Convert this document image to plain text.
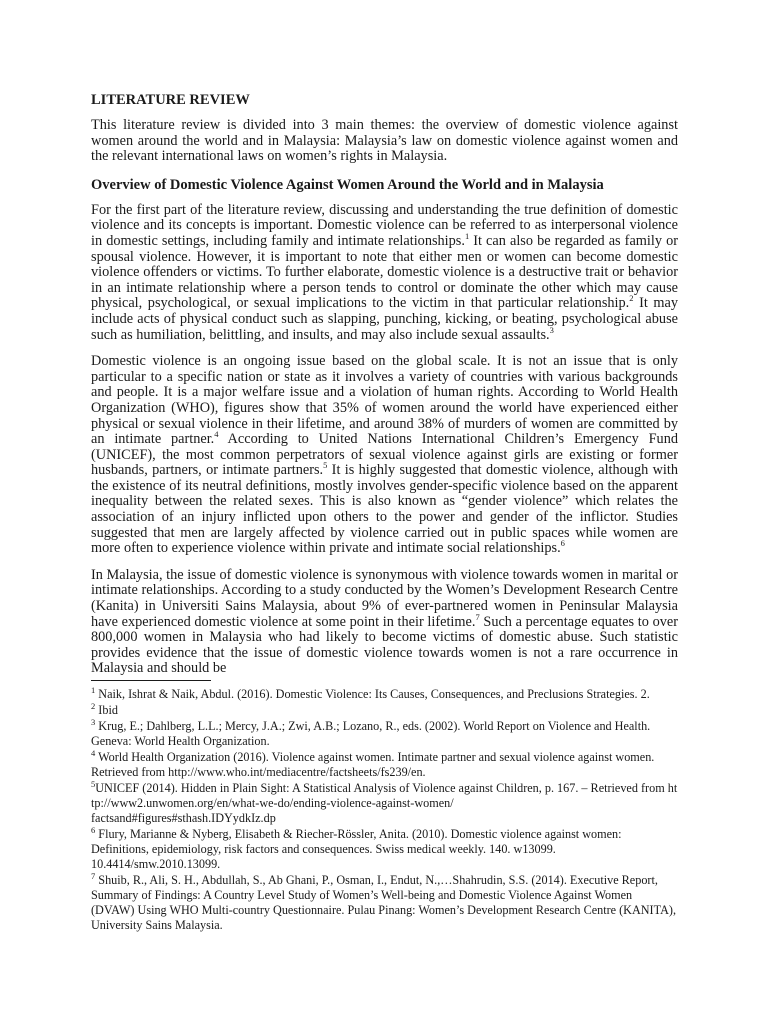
LITERATURE REVIEW

This literature review is divided into 3 main themes: the overview of domestic violence against women around the world and in Malaysia: Malaysia’s law on domestic violence against women and the relevant international laws on women’s rights in Malaysia.

Overview of Domestic Violence Against Women Around the World and in Malaysia

For the first part of the literature review, discussing and understanding the true definition of domestic violence and its concepts is important. Domestic violence can be referred to as interpersonal violence in domestic settings, including family and intimate relationships.$^1$ It can also be regarded as family or spousal violence. However, it is important to note that either men or women can become domestic violence offenders or victims. To further elaborate, domestic violence is a destructive trait or behavior in an intimate relationship where a person tends to control or dominate the other which may cause physical, psychological, or sexual implications to the victim in that particular relationship.$^2$ It may include acts of physical conduct such as slapping, punching, kicking, or beating, psychological abuse such as humiliation, belittling, and insults, and may also include sexual assaults.$^3$

Domestic violence is an ongoing issue based on the global scale. It is not an issue that is only particular to a specific nation or state as it involves a variety of countries with various backgrounds and people. It is a major welfare issue and a violation of human rights. According to World Health Organization (WHO), figures show that 35% of women around the world have experienced either physical or sexual violence in their lifetime, and around 38% of murders of women are committed by an intimate partner.$^4$ According to United Nations International Children’s Emergency Fund (UNICEF), the most common perpetrators of sexual violence against girls are existing or former husbands, partners, or intimate partners.$^5$ It is highly suggested that domestic violence, although with the existence of its neutral definitions, mostly involves gender-specific violence based on the apparent inequality between the related sexes. This is also known as “gender violence” which relates the association of an injury inflicted upon others to the power and gender of the inflictor. Studies suggested that men are largely affected by violence carried out in public spaces while women are more often to experience violence within private and intimate social relationships.$^6$

In Malaysia, the issue of domestic violence is synonymous with violence towards women in marital or intimate relationships. According to a study conducted by the Women’s Development Research Centre (Kanita) in Universiti Sains Malaysia, about 9% of ever-partnered women in Peninsular Malaysia have experienced domestic violence at some point in their lifetime.$^7$ Such a percentage equates to over 800,000 women in Malaysia who had likely to become victims of domestic abuse. Such statistic provides evidence that the issue of domestic violence towards women is not a rare occurrence in Malaysia and should be

$^1$ Naik, Ishrat & Naik, Abdul. (2016). Domestic Violence: Its Causes, Consequences, and Preclusions Strategies. 2.
$^2$ Ibid
$^3$ Krug, E.; Dahlberg, L.L.; Mercy, J.A.; Zwi, A.B.; Lozano, R., eds. (2002). World Report on Violence and Health. Geneva: World Health Organization.
$^4$ World Health Organization (2016). Violence against women. Intimate partner and sexual violence against women. Retrieved from http://www.who.int/mediacentre/factsheets/fs239/en.
$^5$UNICEF (2014). Hidden in Plain Sight: A Statistical Analysis of Violence against Children, p. 167. – Retrieved from http://www2.unwomen.org/en/what-we-do/ending-violence-against-women/
factsand#figures#sthash.IDYydkIz.dp
$^6$ Flury, Marianne & Nyberg, Elisabeth & Riecher-Rössler, Anita. (2010). Domestic violence against women: Definitions, epidemiology, risk factors and consequences. Swiss medical weekly. 140. w13099. 10.4414/smw.2010.13099.
$^7$ Shuib, R., Ali, S. H., Abdullah, S., Ab Ghani, P., Osman, I., Endut, N.,…Shahrudin, S.S. (2014). Executive Report, Summary of Findings: A Country Level Study of Women’s Well-being and Domestic Violence Against Women (DVAW) Using WHO Multi-country Questionnaire. Pulau Pinang: Women’s Development Research Centre (KANITA), University Sains Malaysia.
